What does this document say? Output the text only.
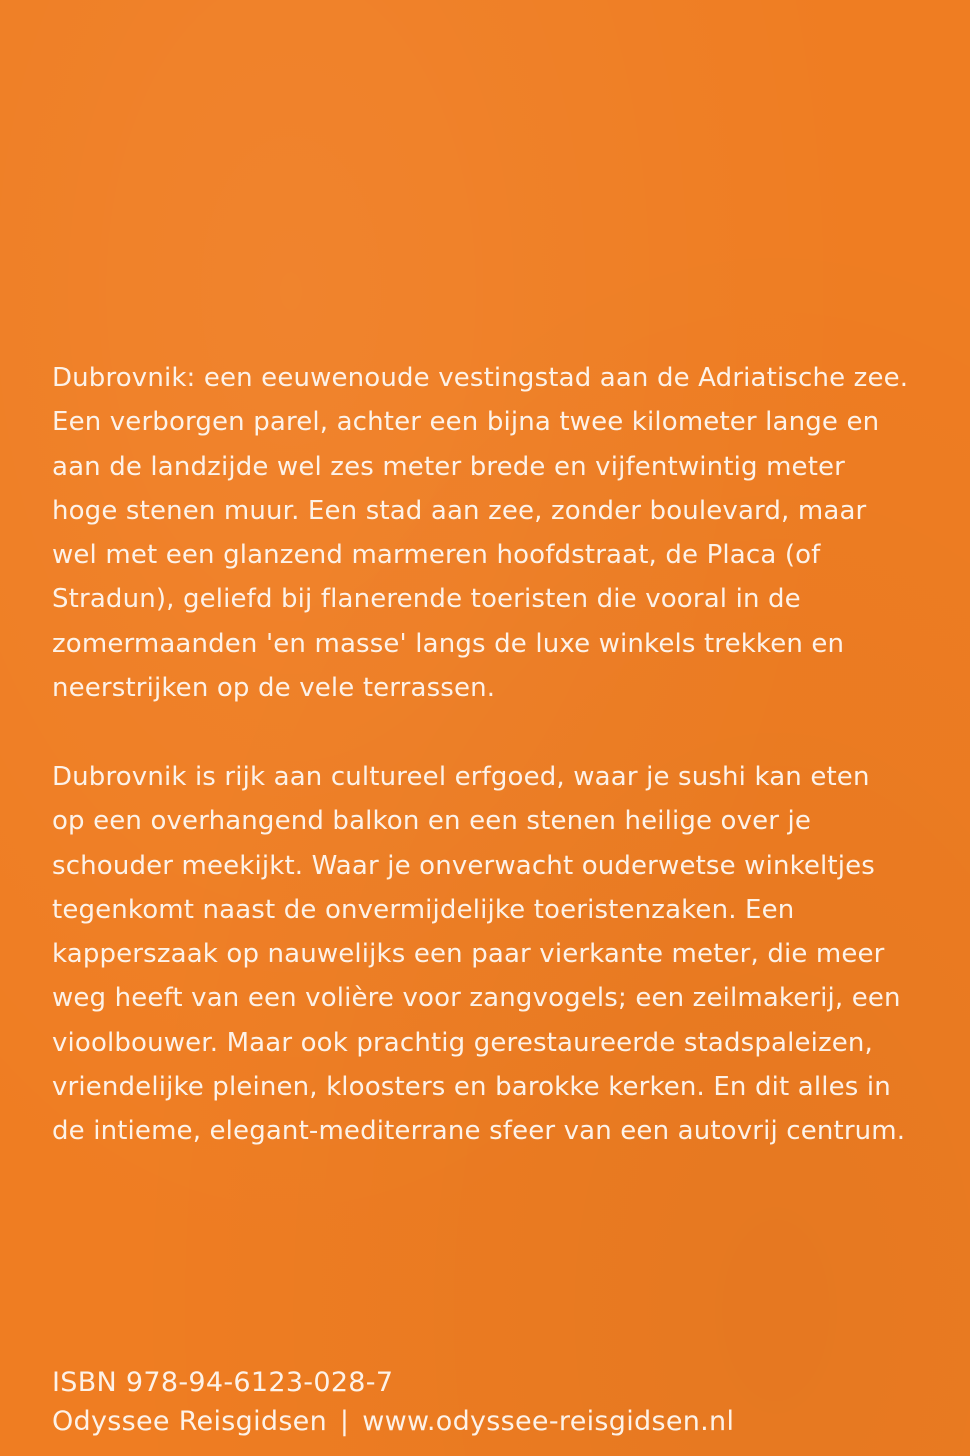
Dubrovnik: een eeuwenoude vestingstad aan de Adriatische zee.
Een verborgen parel, achter een bijna twee kilometer lange en
aan de landzijde wel zes meter brede en vijfentwintig meter
hoge stenen muur. Een stad aan zee, zonder boulevard, maar
wel met een glanzend marmeren hoofdstraat, de Placa (of
Stradun), geliefd bij flanerende toeristen die vooral in de
zomermaanden 'en masse' langs de luxe winkels trekken en
neerstrijken op de vele terrassen.
Dubrovnik is rijk aan cultureel erfgoed, waar je sushi kan eten
op een overhangend balkon en een stenen heilige over je
schouder meekijkt. Waar je onverwacht ouderwetse winkeltjes
tegenkomt naast de onvermijdelijke toeristenzaken. Een
kapperszaak op nauwelijks een paar vierkante meter, die meer
weg heeft van een volière voor zangvogels; een zeilmakerij, een
vioolbouwer. Maar ook prachtig gerestaureerde stadspaleizen,
vriendelijke pleinen, kloosters en barokke kerken. En dit alles in
de intieme, elegant-mediterrane sfeer van een autovrij centrum.
ISBN 978-94-6123-028-7
Odyssee Reisgidsen | www.odyssee-reisgidsen.nl
